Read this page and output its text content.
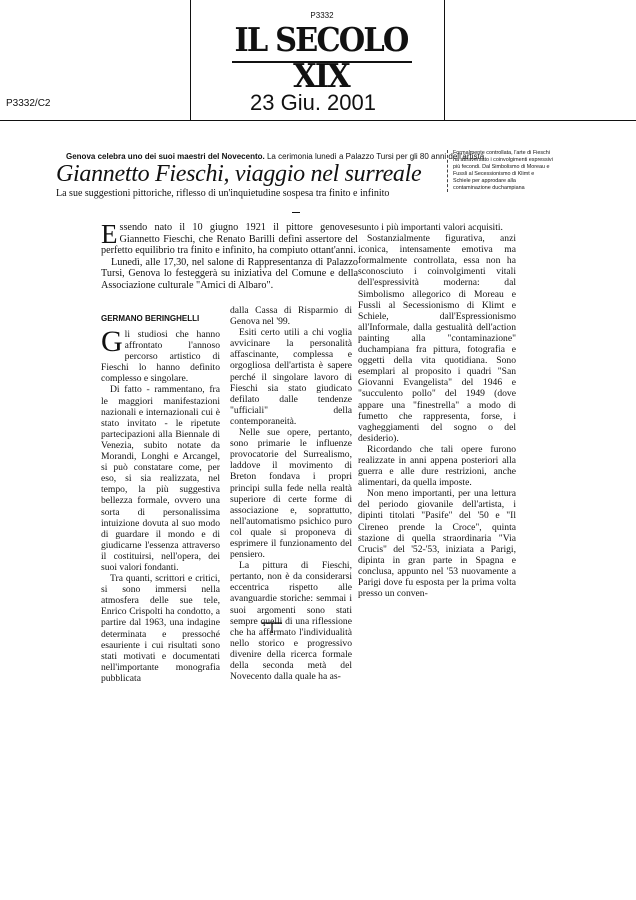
P3332
IL SECOLO XIX
23 Giu. 2001
P3332/C2
Genova celebra uno dei suoi maestri del Novecento. La cerimonia lunedì a Palazzo Tursi per gli 80 anni dell'artista
Giannetto Fieschi, viaggio nel surreale
La sue suggestioni pittoriche, riflesso di un'inquietudine sospesa tra finito e infinito
Formalmente controllata, l'arte di Fieschi ha attraversato i coinvolgimenti espressivi più fecondi. Dal Simbolismo di Moreau e Fussli al Secessionismo di Klimt e Schiele per approdare alla contaminazione duchampiana

Essendo nato il 10 giugno 1921 il pittore genovese Giannetto Fieschi, che Renato Barilli definì assertore del perfetto equilibrio tra finito e infinito, ha compiuto ottant'anni.

Lunedì, alle 17,30, nel salone di Rappresentanza di Palazzo Tursi, Genova lo festeggerà su iniziativa del Comune e della Associazione culturale "Amici di Albaro".

GERMANO BERINGHELLI

Gli studiosi che hanno affrontato l'annoso percorso artistico di Fieschi lo hanno definito complesso e singolare.

Di fatto - rammentano, fra le maggiori manifestazioni nazionali e internazionali cui è stato invitato - le ripetute partecipazioni alla Biennale di Venezia, subito notate da Morandi, Longhi e Arcangel, si può constatare come, per eso, si sia realizzata, nel tempo, la più suggestiva bellezza formale, ovvero una sorta di personalissima intuizione dovuta al suo modo di guardare il mondo e di giudicarne l'essenza attraverso il costituirsi, nell'opera, dei suoi valori fondanti.

Tra quanti, scrittori e critici, si sono immersi nella atmosfera delle sue tele, Enrico Crispolti ha condotto, a partire dal 1963, una indagine determinata e pressoché esauriente i cui risultati sono stati motivati e documentati nell'importante monografia pubblicata

dalla Cassa di Risparmio di Genova nel '99.

Esiti certo utili a chi voglia avvicinare la personalità affascinante, complessa e orgogliosa dell'artista è sapere perché il singolare lavoro di Fieschi sia stato giudicato defilato dalle tendenze "ufficiali" della contemporaneità.

Nelle sue opere, pertanto, sono primarie le influenze provocatorie del Surrealismo, laddove il movimento di Breton fondava i propri principi sulla fede nella realtà superiore di certe forme di associazione e, soprattutto, nell'automatismo psichico puro col quale si proponeva di esprimere il funzionamento del pensiero.

La pittura di Fieschi, pertanto, non è da considerarsi eccentrica rispetto alle avanguardie storiche: semmai i suoi argomenti sono stati sempre quelli di una riflessione che ha affermato l'individualità nello storico e progressivo divenire della ricerca formale della seconda metà del Novecento dalla quale ha as-

sunto i più importanti valori acquisiti.

Sostanzialmente figurativa, anzi iconica, intensamente emotiva ma formalmente controllata, essa non ha sconosciuto i coinvolgimenti vitali dell'espressività moderna: dal Simbolismo allegorico di Moreau e Fussli al Secessionismo di Klimt e Schiele, dall'Espressionismo all'Informale, dalla gestualità dell'action painting alla "contaminazione" duchampiana fra pittura, fotografia e oggetti della vita quotidiana. Sono esemplari al proposito i quadri "San Giovanni Evangelista" del 1946 e "succulento pollo" del 1949 (dove appare una "finestrella" a modo di fumetto che rappresenta, forse, i vagheggiamenti del sogno o del desiderio).

Ricordando che tali opere furono realizzate in anni appena posteriori alla guerra e alle dure restrizioni, anche alimentari, da quella imposte.

Non meno importanti, per una lettura del periodo giovanile dell'artista, i dipinti titolati "Pasife" del '50 e "Il Cireneo prende la Croce", quinta stazione di quella straordinaria "Via Crucis" del '52-'53, iniziata a Parigi, dipinta in gran parte in Spagna e conclusa, appunto nel '53 nuovamente a Parigi dove fu esposta per la prima volta presso un conven-
